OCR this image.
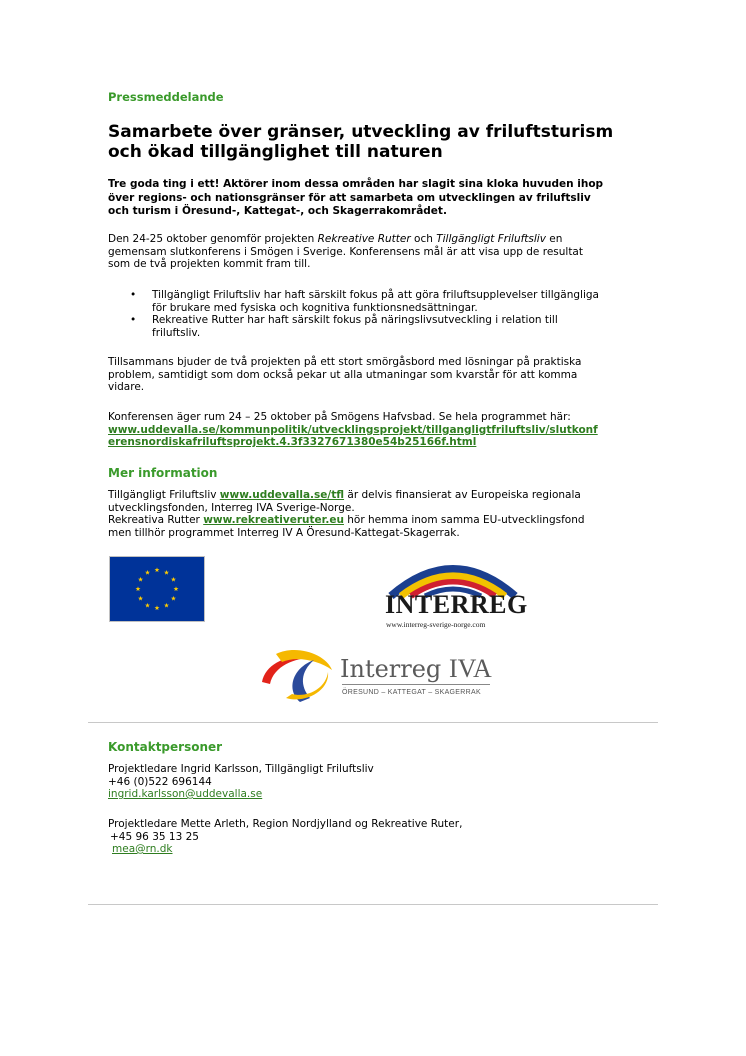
Pressmeddelande
Samarbete över gränser, utveckling av friluftsturism
och ökad tillgänglighet till naturen
Tre goda ting i ett! Aktörer inom dessa områden har slagit sina kloka huvuden ihop
över regions- och nationsgränser för att samarbeta om utvecklingen av friluftsliv
och turism i Öresund-, Kattegat-, och Skagerrakområdet.
Den 24-25 oktober genomför projekten Rekreative Rutter och Tillgängligt Friluftsliv en
gemensam slutkonferens i Smögen i Sverige. Konferensens mål är att visa upp de resultat
som de två projekten kommit fram till.
• Tillgängligt Friluftsliv har haft särskilt fokus på att göra friluftsupplevelser tillgängliga
för brukare med fysiska och kognitiva funktionsnedsättningar.
• Rekreative Rutter har haft särskilt fokus på näringslivsutveckling i relation till
friluftsliv.
Tillsammans bjuder de två projekten på ett stort smörgåsbord med lösningar på praktiska
problem, samtidigt som dom också pekar ut alla utmaningar som kvarstår för att komma
vidare.
Konferensen äger rum 24 – 25 oktober på Smögens Hafvsbad. Se hela programmet här:
www.uddevalla.se/kommunpolitik/utvecklingsprojekt/tillgangligtfriluftsliv/slutkonf
erensnordiskafriluftsprojekt.4.3f3327671380e54b25166f.html
Mer information
Tillgängligt Friluftsliv www.uddevalla.se/tfl är delvis finansierat av Europeiska regionala
utvecklingsfonden, Interreg IVA Sverige-Norge.
Rekreativa Rutter www.rekreativeruter.eu hör hemma inom samma EU-utvecklingsfond
men tillhör programmet Interreg IV A Öresund-Kattegat-Skagerrak.
INTERREG
www.interreg-sverige-norge.com
Interreg IVA
ÖRESUND – KATTEGAT – SKAGERRAK
Kontaktpersoner
Projektledare Ingrid Karlsson, Tillgängligt Friluftsliv
+46 (0)522 696144
ingrid.karlsson@uddevalla.se
Projektledare Mette Arleth, Region Nordjylland og Rekreative Ruter,
+45 96 35 13 25
mea@rn.dk
